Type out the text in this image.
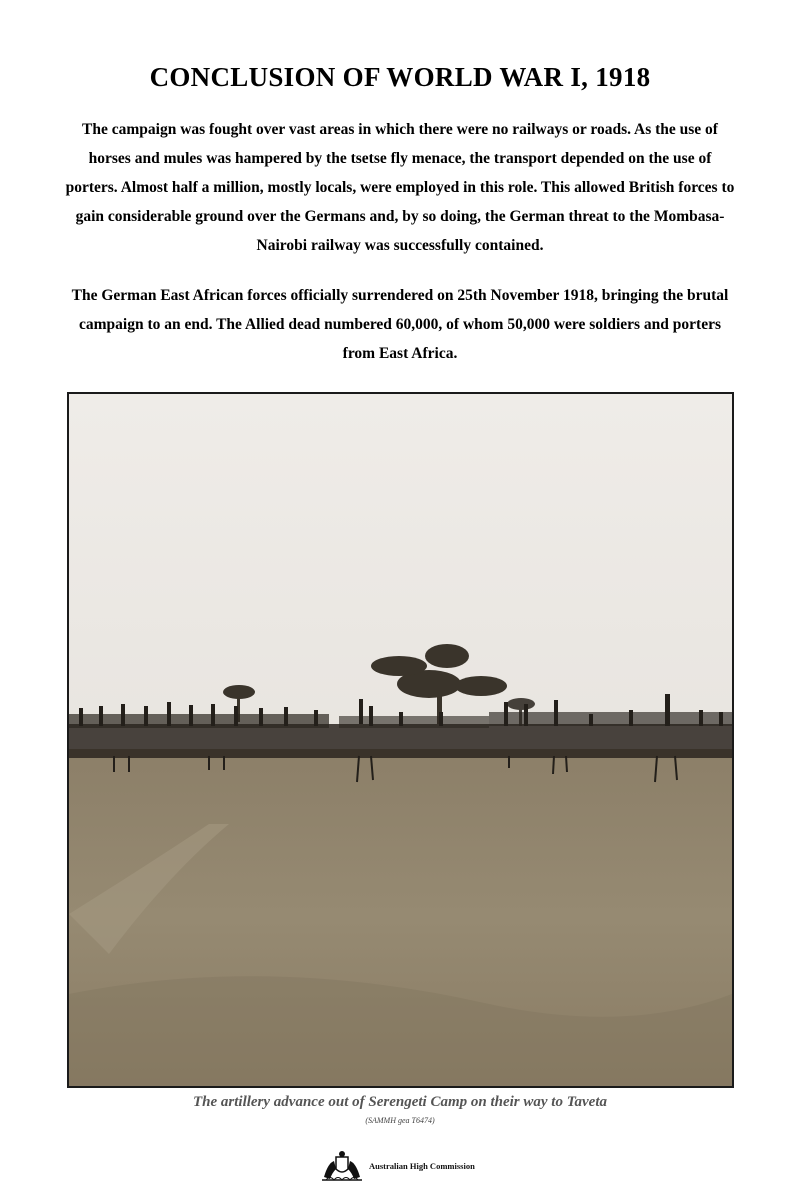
CONCLUSION OF WORLD WAR I, 1918
The campaign was fought over vast areas in which there were no railways or roads. As the use of horses and mules was hampered by the tsetse fly menace, the transport depended on the use of porters. Almost half a million, mostly locals, were employed in this role. This allowed British forces to gain considerable ground over the Germans and, by so doing, the German threat to the Mombasa-Nairobi railway was successfully contained.
The German East African forces officially surrendered on 25th November 1918, bringing the brutal campaign to an end. The Allied dead numbered 60,000, of whom 50,000 were soldiers and porters from East Africa.
The artillery advance out of Serengeti Camp on their way to Taveta
(SAMMH gea T6474)
Australian High Commission
